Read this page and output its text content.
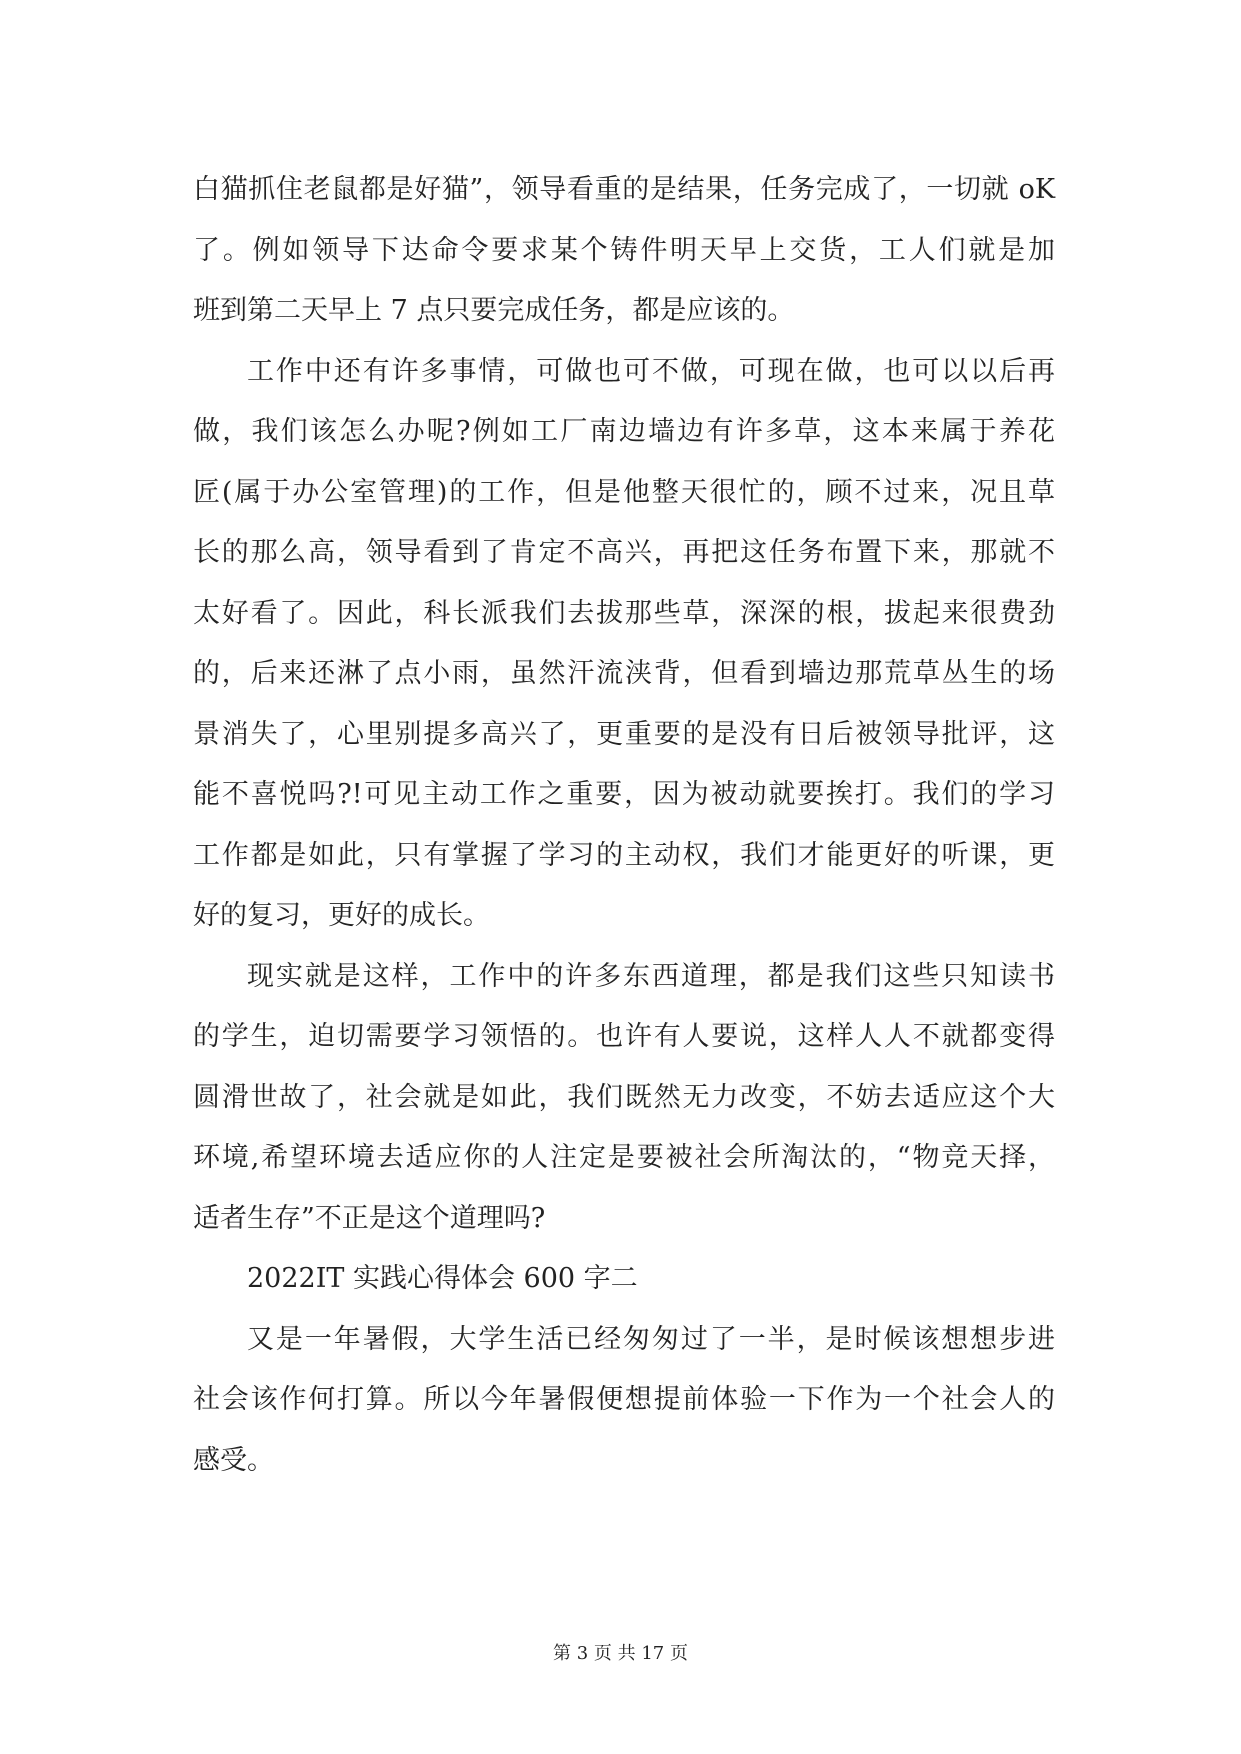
白猫抓住老鼠都是好猫”，领导看重的是结果，任务完成了，一切就 oK
了。例如领导下达命令要求某个铸件明天早上交货，工人们就是加
班到第二天早上 7 点只要完成任务，都是应该的。
工作中还有许多事情，可做也可不做，可现在做，也可以以后再
做，我们该怎么办呢?例如工厂南边墙边有许多草，这本来属于养花
匠(属于办公室管理)的工作，但是他整天很忙的，顾不过来，况且草
长的那么高，领导看到了肯定不高兴，再把这任务布置下来，那就不
太好看了。因此，科长派我们去拔那些草，深深的根，拔起来很费劲
的，后来还淋了点小雨，虽然汗流浃背，但看到墙边那荒草丛生的场
景消失了，心里别提多高兴了，更重要的是没有日后被领导批评，这
能不喜悦吗?!可见主动工作之重要，因为被动就要挨打。我们的学习
工作都是如此，只有掌握了学习的主动权，我们才能更好的听课，更
好的复习，更好的成长。
现实就是这样，工作中的许多东西道理，都是我们这些只知读书
的学生，迫切需要学习领悟的。也许有人要说，这样人人不就都变得
圆滑世故了，社会就是如此，我们既然无力改变，不妨去适应这个大
环境,希望环境去适应你的人注定是要被社会所淘汰的，“物竞天择，
适者生存”不正是这个道理吗?
2022IT 实践心得体会 600 字二
又是一年暑假，大学生活已经匆匆过了一半，是时候该想想步进
社会该作何打算。所以今年暑假便想提前体验一下作为一个社会人的
感受。
第 3 页 共 17 页
